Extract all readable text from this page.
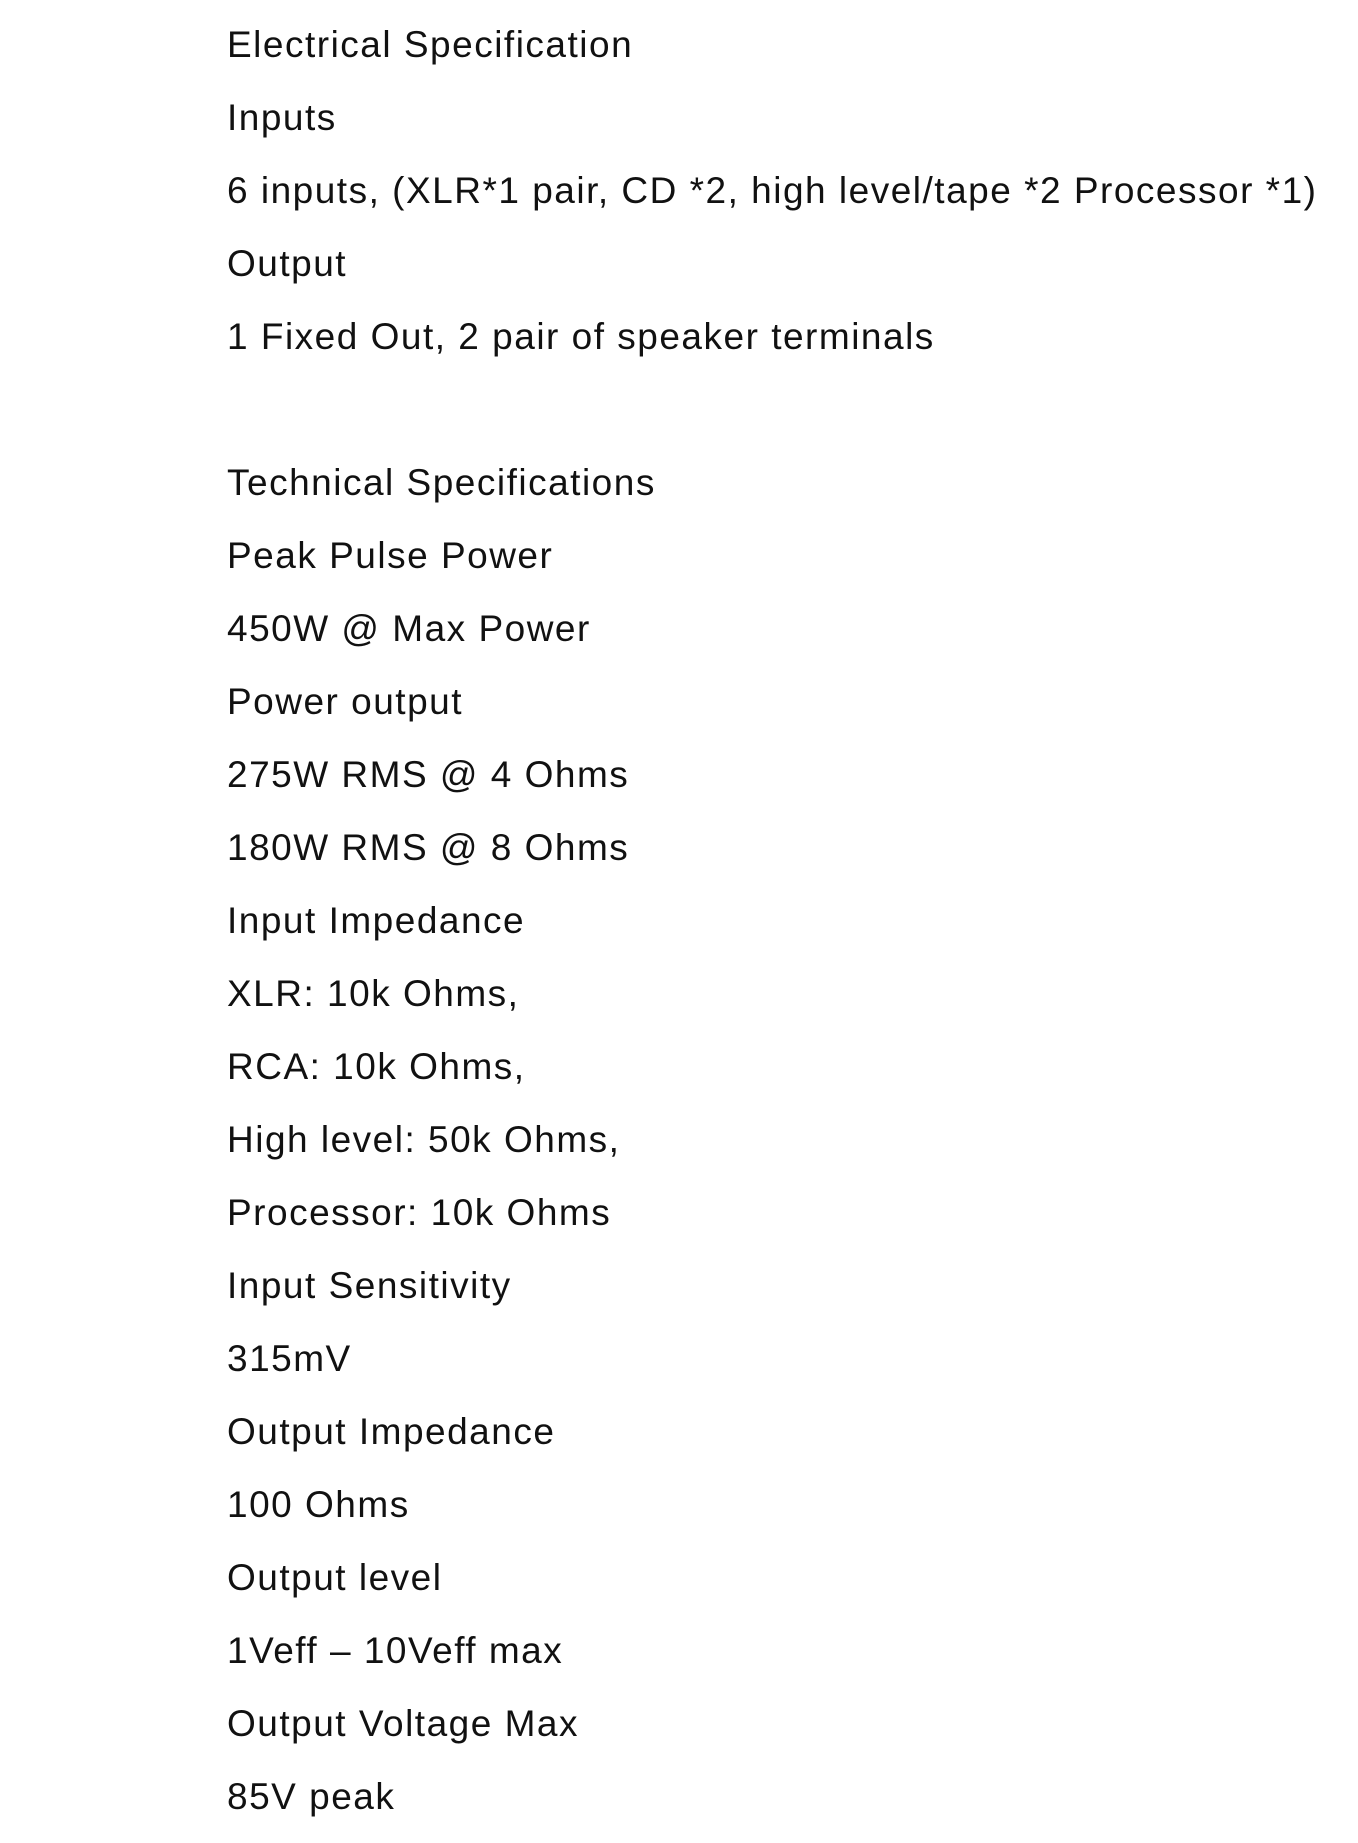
Electrical Specification
Inputs
6 inputs, (XLR*1 pair, CD *2, high level/tape *2 Processor *1)
Output
1 Fixed Out, 2 pair of speaker terminals
Technical Specifications
Peak Pulse Power
450W @ Max Power
Power output
275W RMS @ 4 Ohms
180W RMS @ 8 Ohms
Input Impedance
XLR: 10k Ohms,
RCA: 10k Ohms,
High level: 50k Ohms,
Processor: 10k Ohms
Input Sensitivity
315mV
Output Impedance
100 Ohms
Output level
1Veff – 10Veff max
Output Voltage Max
85V peak
